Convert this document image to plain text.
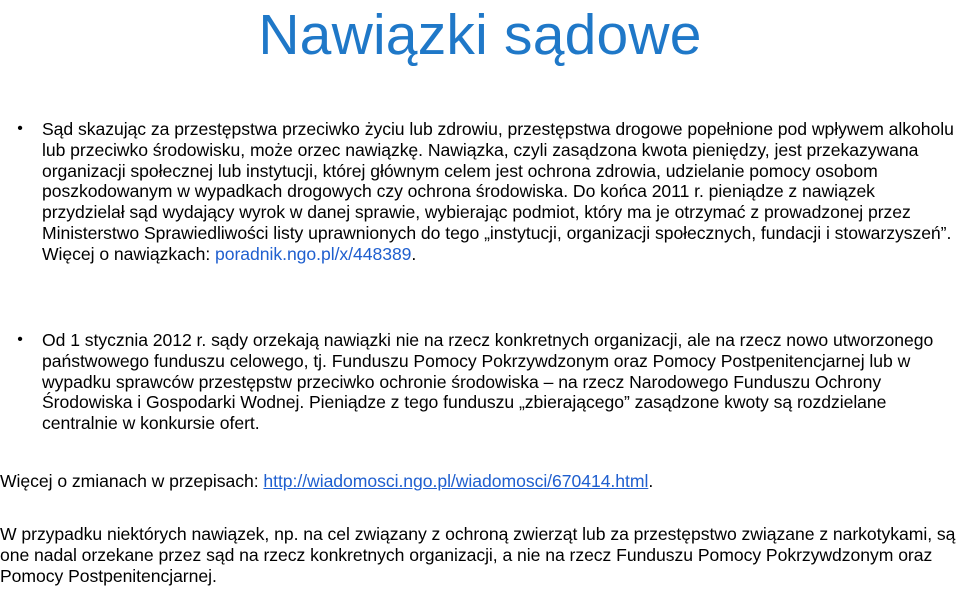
Nawiązki sądowe
•	Sąd skazując za przestępstwa przeciwko życiu lub zdrowiu, przestępstwa drogowe popełnione pod wpływem alkoholu lub przeciwko środowisku, może orzec nawiązkę. Nawiązka, czyli zasądzona kwota pieniędzy, jest przekazywana organizacji społecznej lub instytucji, której głównym celem jest ochrona zdrowia, udzielanie pomocy osobom poszkodowanym w wypadkach drogowych czy ochrona środowiska. Do końca 2011 r. pieniądze z nawiązek przydzielał sąd wydający wyrok w danej sprawie, wybierając podmiot, który ma je otrzymać z prowadzonej przez Ministerstwo Sprawiedliwości listy uprawnionych do tego „instytucji, organizacji społecznych, fundacji i stowarzyszeń”. Więcej o nawiązkach: poradnik.ngo.pl/x/448389.
•	Od 1 stycznia 2012 r. sądy orzekają nawiązki nie na rzecz konkretnych organizacji, ale na rzecz nowo utworzonego państwowego funduszu celowego, tj. Funduszu Pomocy Pokrzywdzonym oraz Pomocy Postpenitencjarnej lub w wypadku sprawców przestępstw przeciwko ochronie środowiska – na rzecz Narodowego Funduszu Ochrony Środowiska i Gospodarki Wodnej. Pieniądze z tego funduszu „zbierającego” zasądzone kwoty są rozdzielane centralnie w konkursie ofert.
Więcej o zmianach w przepisach: http://wiadomosci.ngo.pl/wiadomosci/670414.html.
W przypadku niektórych nawiązek, np. na cel związany z ochroną zwierząt lub za przestępstwo związane z narkotykami, są one nadal orzekane przez sąd na rzecz konkretnych organizacji, a nie na rzecz Funduszu Pomocy Pokrzywdzonym oraz Pomocy Postpenitencjarnej.
